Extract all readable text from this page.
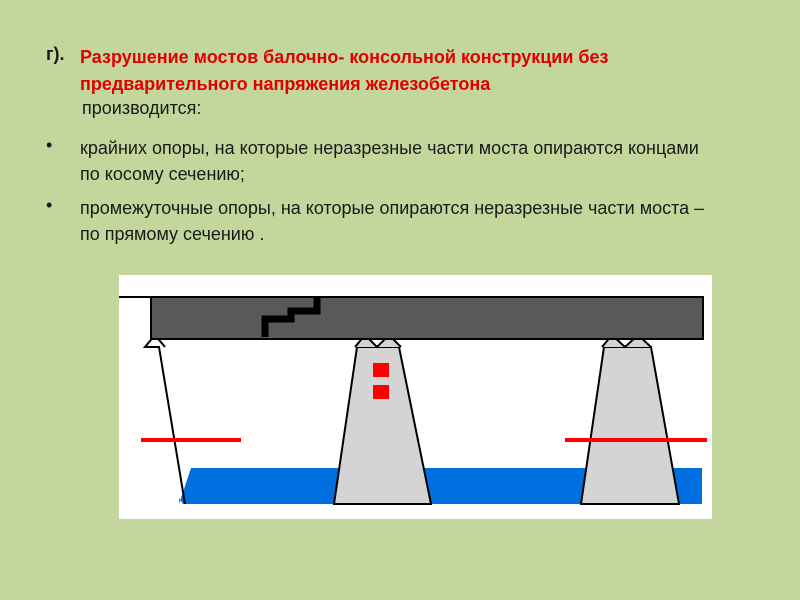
г). Разрушение мостов балочно- консольной конструкции без предварительного напряжения железобетона
производится:
• крайних опоры, на которые неразрезные части моста опираются концами по косому сечению;
• промежуточные опоры, на которые опираются неразрезные части моста – по прямому сечению .
